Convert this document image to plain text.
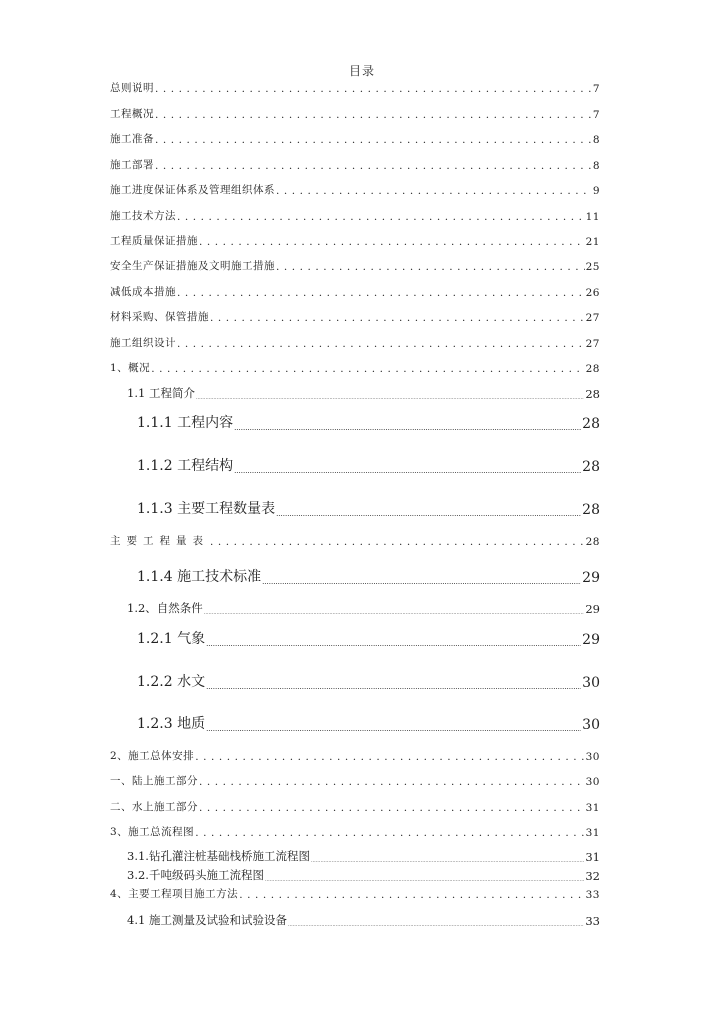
目录
总则说明 . . .	7
工程概况 . . .	7
施工准备 . . .	8
施工部署 . . .	8
施工进度保证体系及管理组织体系 . . .	9
施工技术方法 . . .	11
工程质量保证措施 . . .	21
安全生产保证措施及文明施工措施 . . .	25
减低成本措施 . . .	26
材料采购、保管措施 . . .	27
施工组织设计 . . .	27
1、概况 . . .	28
1.1 工程简介 .....	28
1.1.1 工程内容 .....	28
1.1.2 工程结构 .....	28
1.1.3 主要工程数量表 .....	28
主要工程量表 . . .	28
1.1.4 施工技术标准 .....	29
1.2、自然条件 .....	29
1.2.1 气象 .....	29
1.2.2 水文 .....	30
1.2.3 地质 .....	30
2、施工总体安排 . . .	30
一、陆上施工部分 . . .	30
二、水上施工部分 . . .	31
3、施工总流程图 . . .	31
3.1.钻孔灌注桩基础栈桥施工流程图 .....	31
3.2.千吨级码头施工流程图 .....	32
4、主要工程项目施工方法 . . .	33
4.1 施工测量及试验和试验设备 .....	33
